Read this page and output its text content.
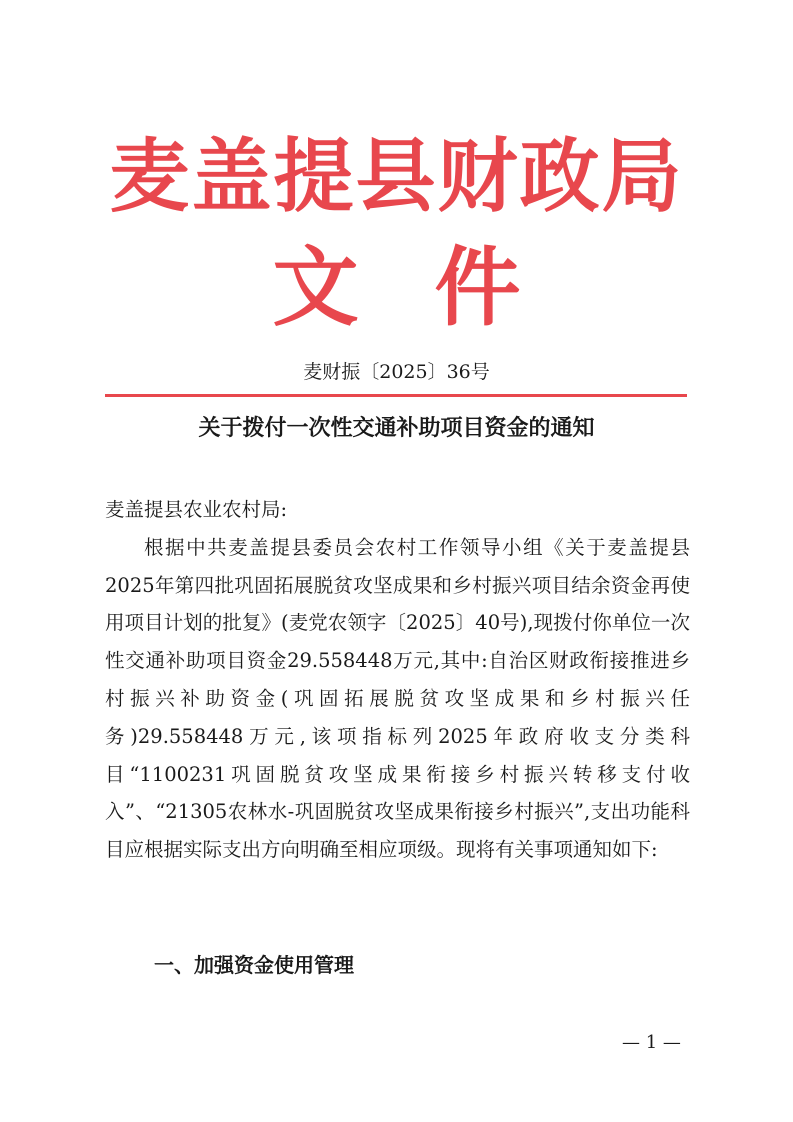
麦盖提县财政局
文 件
麦财振〔2025〕36号
关于拨付一次性交通补助项目资金的通知
麦盖提县农业农村局:
根据中共麦盖提县委员会农村工作领导小组《关于麦盖提县2025年第四批巩固拓展脱贫攻坚成果和乡村振兴项目结余资金再使用项目计划的批复》(麦党农领字〔2025〕40号),现拨付你单位一次性交通补助项目资金29.558448万元,其中:自治区财政衔接推进乡村振兴补助资金(巩固拓展脱贫攻坚成果和乡村振兴任务)29.558448万元,该项指标列2025年政府收支分类科目“1100231巩固脱贫攻坚成果衔接乡村振兴转移支付收入”、“21305农林水-巩固脱贫攻坚成果衔接乡村振兴”,支出功能科目应根据实际支出方向明确至相应项级。现将有关事项通知如下:
一、加强资金使用管理
— 1 —
